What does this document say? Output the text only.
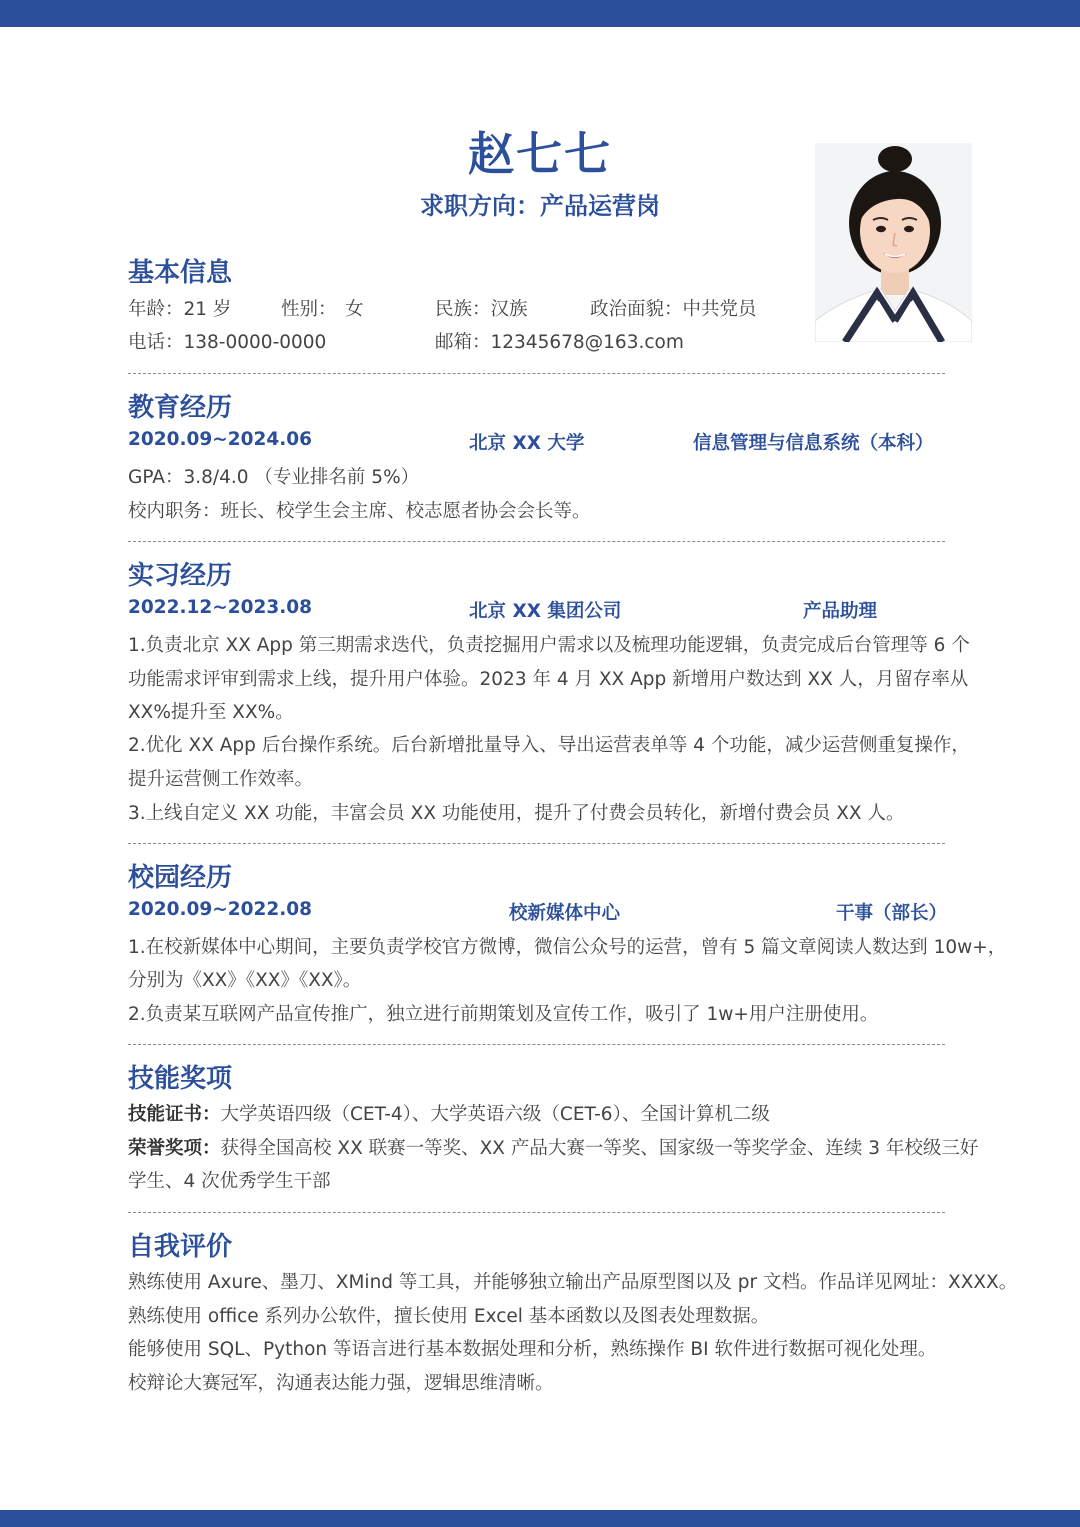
赵七七
求职方向：产品运营岗
基本信息
年龄：21 岁	性别： 女	民族：汉族	政治面貌：中共党员
电话：138-0000-0000	邮箱：12345678@163.com
教育经历
2020.09~2024.06	北京 XX 大学	信息管理与信息系统（本科）
GPA：3.8/4.0 （专业排名前 5%）
校内职务：班长、校学生会主席、校志愿者协会会长等。
实习经历
2022.12~2023.08	北京 XX 集团公司	产品助理
1.负责北京 XX App 第三期需求迭代，负责挖掘用户需求以及梳理功能逻辑，负责完成后台管理等 6 个
功能需求评审到需求上线，提升用户体验。2023 年 4 月 XX App 新增用户数达到 XX 人，月留存率从
XX%提升至 XX%。
2.优化 XX App 后台操作系统。后台新增批量导入、导出运营表单等 4 个功能，减少运营侧重复操作，
提升运营侧工作效率。
3.上线自定义 XX 功能，丰富会员 XX 功能使用，提升了付费会员转化，新增付费会员 XX 人。
校园经历
2020.09~2022.08	校新媒体中心	干事（部长）
1.在校新媒体中心期间，主要负责学校官方微博，微信公众号的运营，曾有 5 篇文章阅读人数达到 10w+，
分别为《XX》《XX》《XX》。
2.负责某互联网产品宣传推广，独立进行前期策划及宣传工作，吸引了 1w+用户注册使用。
技能奖项
技能证书：大学英语四级（CET-4）、大学英语六级（CET-6）、全国计算机二级
荣誉奖项：获得全国高校 XX 联赛一等奖、XX 产品大赛一等奖、国家级一等奖学金、连续 3 年校级三好
学生、4 次优秀学生干部
自我评价
熟练使用 Axure、墨刀、XMind 等工具，并能够独立输出产品原型图以及 pr 文档。作品详见网址：XXXX。
熟练使用 office 系列办公软件，擅长使用 Excel 基本函数以及图表处理数据。
能够使用 SQL、Python 等语言进行基本数据处理和分析，熟练操作 BI 软件进行数据可视化处理。
校辩论大赛冠军，沟通表达能力强，逻辑思维清晰。
